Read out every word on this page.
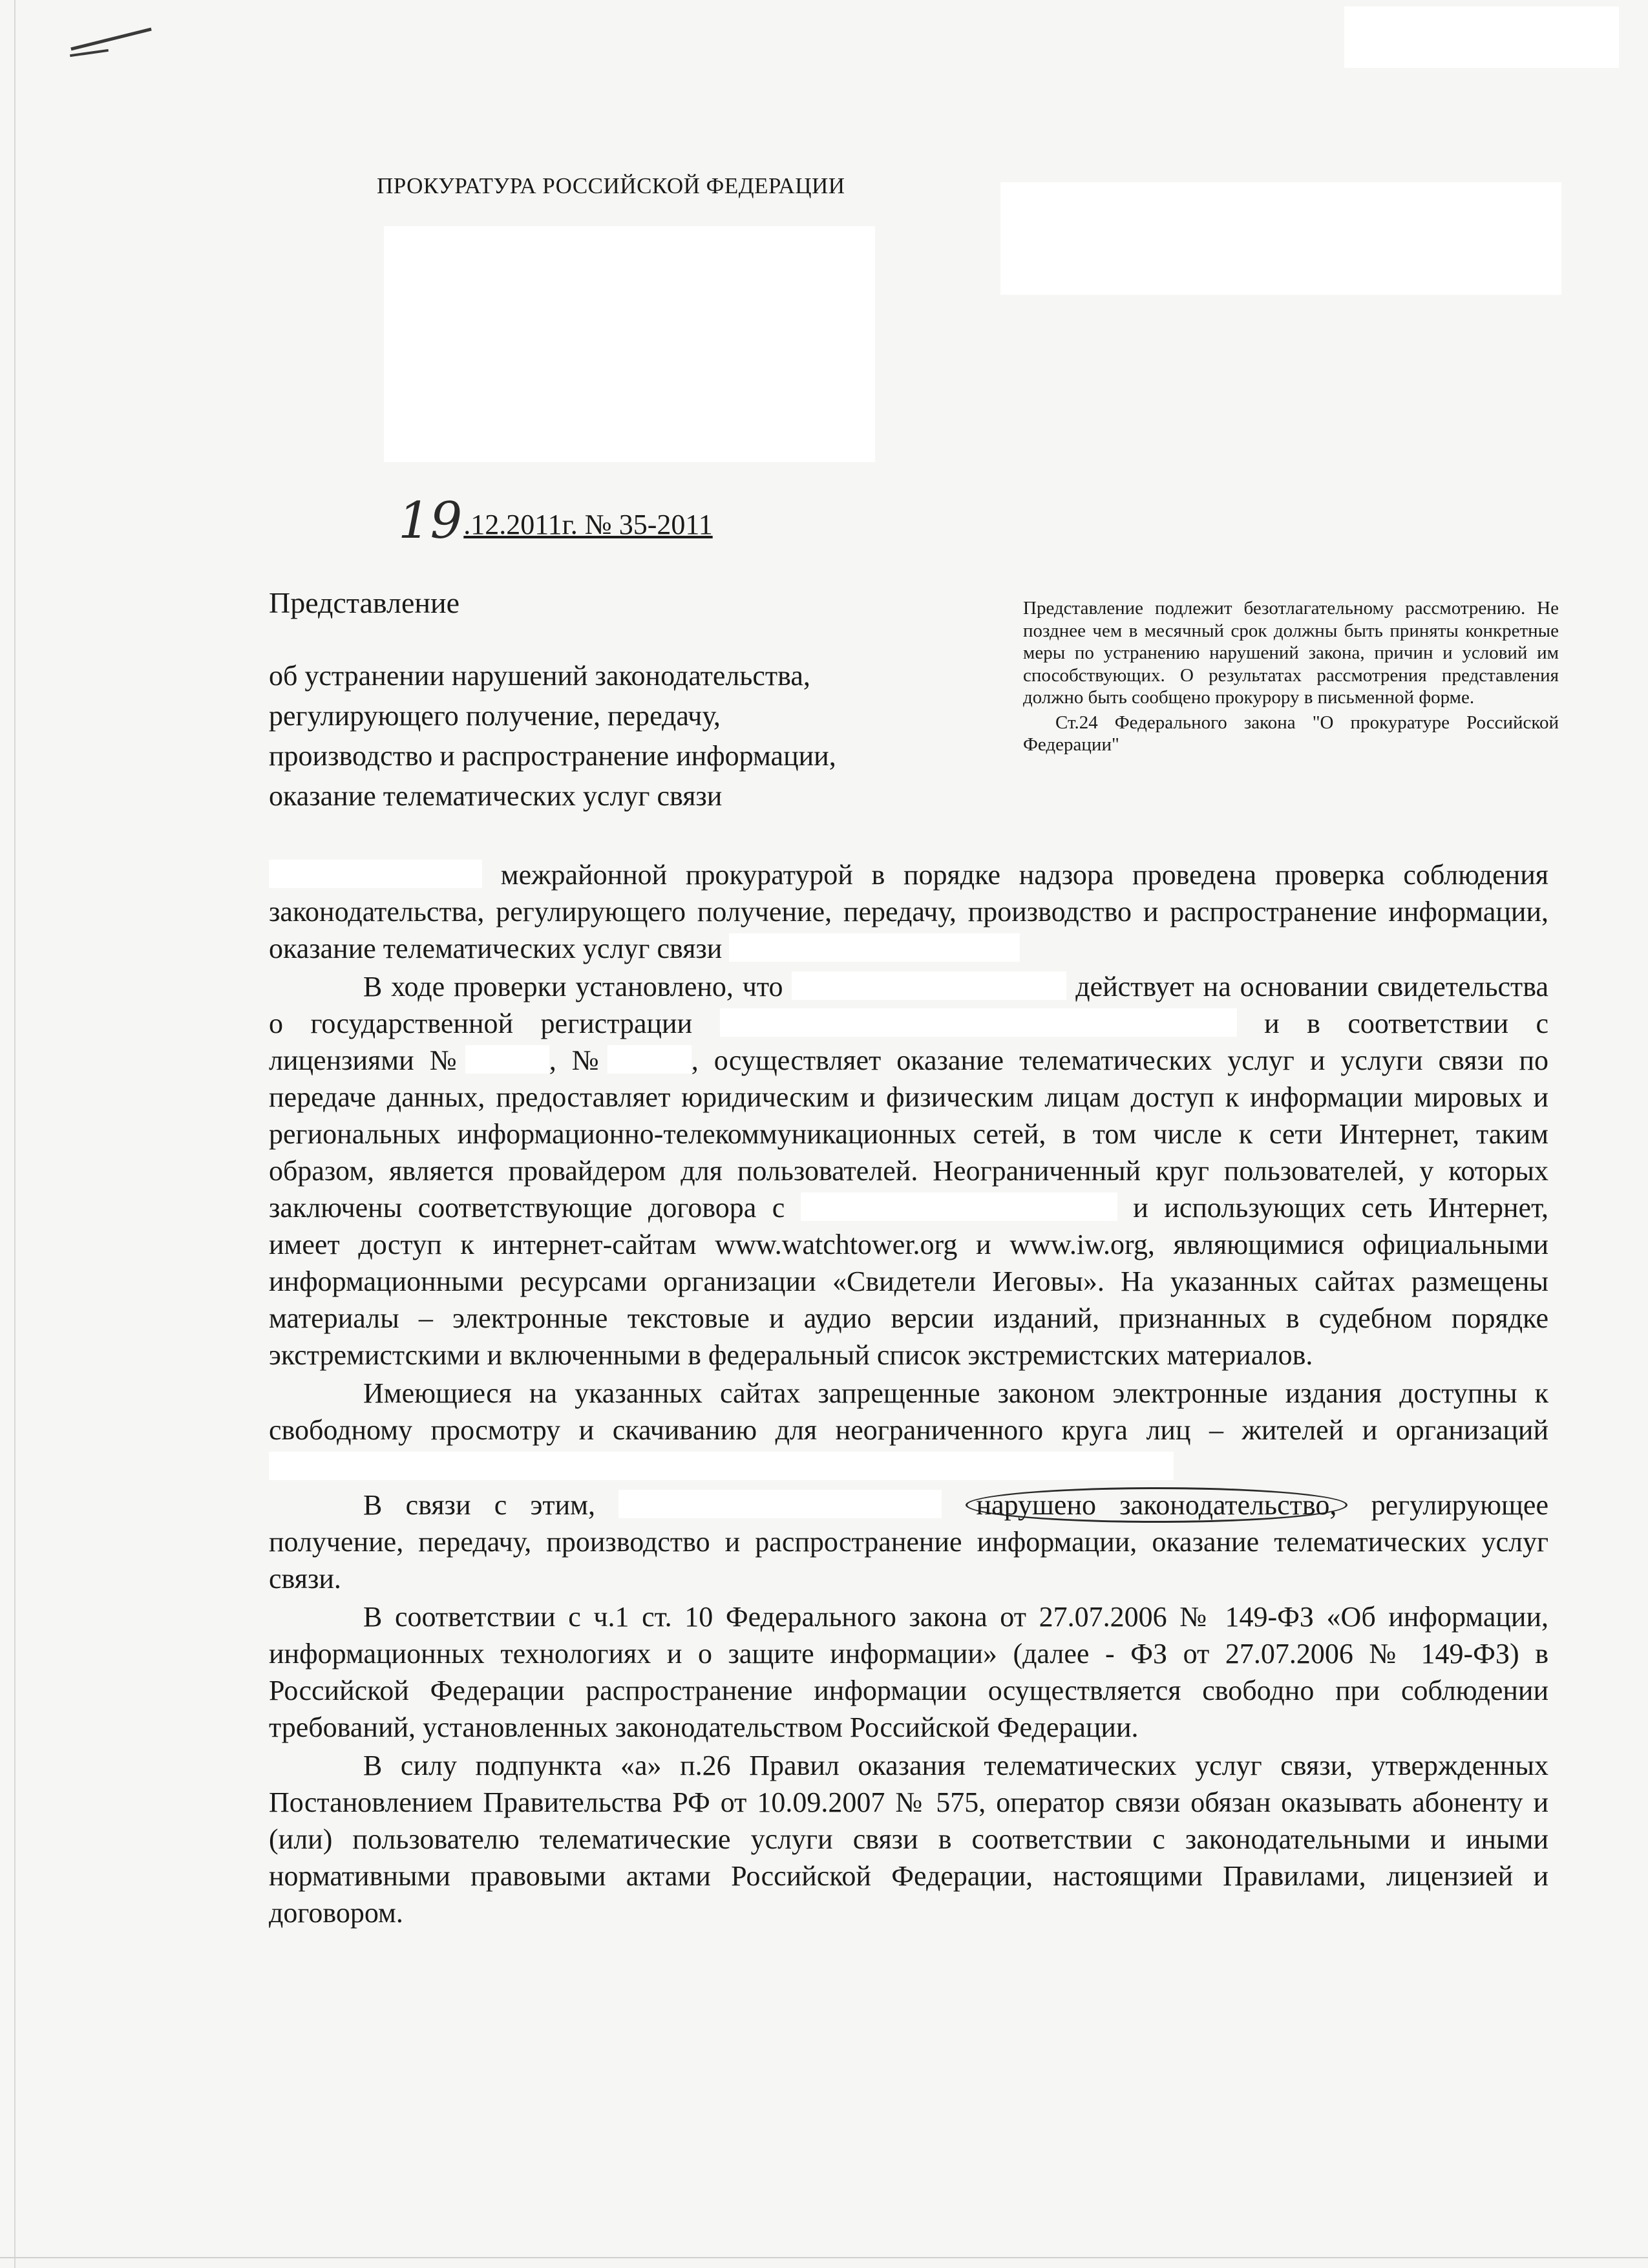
ПРОКУРАТУРА РОССИЙСКОЙ ФЕДЕРАЦИИ
19.12.2011г. № 35-2011
Представление
об устранении нарушений законодательства,
регулирующего получение, передачу,
производство и распространение информации,
оказание телематических услуг связи
Представление подлежит безотлагательному рассмотрению. Не позднее чем в месячный срок должны быть приняты конкретные меры по устранению нарушений закона, причин и условий им способствующих. О результатах рассмотрения представления должно быть сообщено прокурору в письменной форме.
Ст.24 Федерального закона "О прокуратуре Российской Федерации"

межрайонной прокуратурой в порядке надзора проведена проверка соблюдения законодательства, регулирующего получение, передачу, производство и распространение информации, оказание телематических услуг связи

В ходе проверки установлено, что	действует на основании свидетельства о государственной регистрации	и в соответствии с лицензиями №	, №	, осуществляет оказание телематических услуг и услуги связи по передаче данных, предоставляет юридическим и физическим лицам доступ к информации мировых и региональных информационно-телекоммуникационных сетей, в том числе к сети Интернет, таким образом, является провайдером для пользователей. Неограниченный круг пользователей, у которых заключены соответствующие договора с	и использующих сеть Интернет, имеет доступ к интернет-сайтам www.watchtower.org и www.iw.org, являющимися официальными информационными ресурсами организации «Свидетели Иеговы». На указанных сайтах размещены материалы – электронные текстовые и аудио версии изданий, признанных в судебном порядке экстремистскими и включенными в федеральный список экстремистских материалов.

Имеющиеся на указанных сайтах запрещенные законом электронные издания доступны к свободному просмотру и скачиванию для неограниченного круга лиц – жителей и организаций

В связи с этим,	нарушено законодательство, регулирующее получение, передачу, производство и распространение информации, оказание телематических услуг связи.

В соответствии с ч.1 ст. 10 Федерального закона от 27.07.2006 № 149-ФЗ «Об информации, информационных технологиях и о защите информации» (далее - ФЗ от 27.07.2006 № 149-ФЗ) в Российской Федерации распространение информации осуществляется свободно при соблюдении требований, установленных законодательством Российской Федерации.

В силу подпункта «а» п.26 Правил оказания телематических услуг связи, утвержденных Постановлением Правительства РФ от 10.09.2007 № 575, оператор связи обязан оказывать абоненту и (или) пользователю телематические услуги связи в соответствии с законодательными и иными нормативными правовыми актами Российской Федерации, настоящими Правилами, лицензией и договором.
